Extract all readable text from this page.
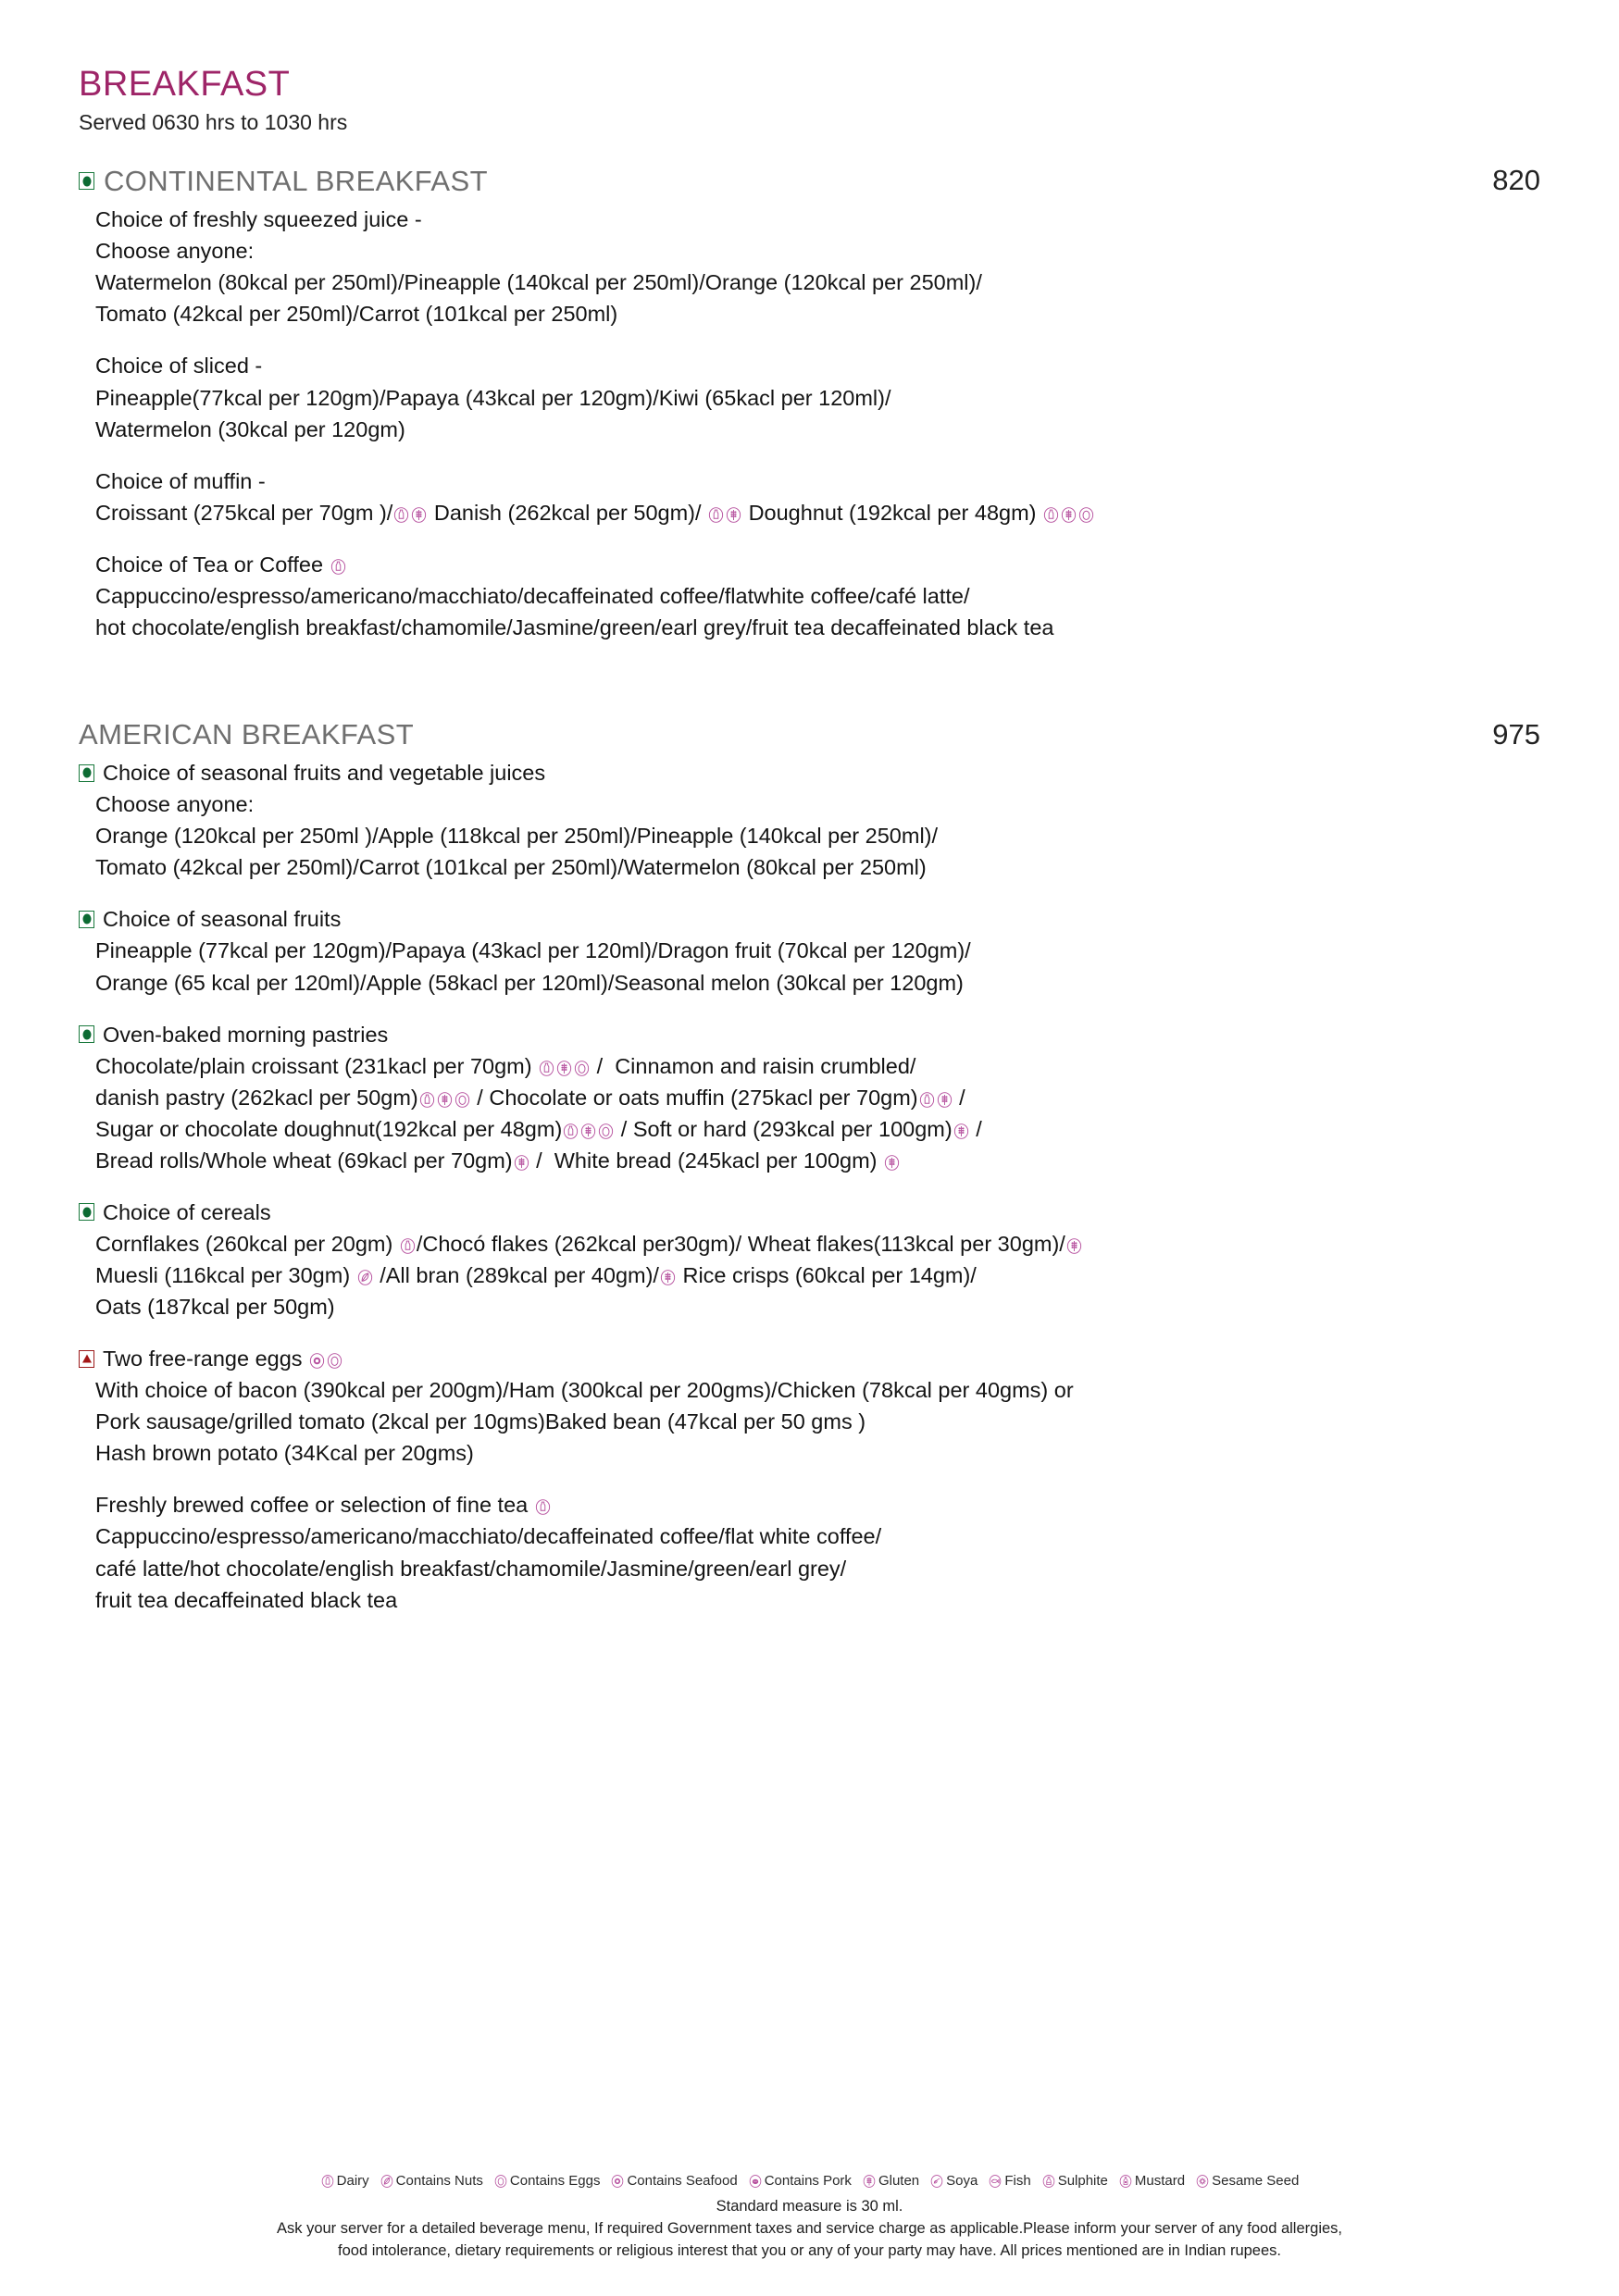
BREAKFAST
Served 0630 hrs to 1030 hrs
CONTINENTAL BREAKFAST	820
Choice of freshly squeezed juice -
Choose anyone:
Watermelon (80kcal per 250ml)/Pineapple (140kcal per 250ml)/Orange (120kcal per 250ml)/
Tomato (42kcal per 250ml)/Carrot (101kcal per 250ml)
Choice of sliced -
Pineapple(77kcal per 120gm)/Papaya (43kcal per 120gm)/Kiwi (65kacl per 120ml)/
Watermelon (30kcal per 120gm)
Choice of muffin -
Croissant (275kcal per 70gm )/
Danish (262kcal per 50gm)/
Doughnut (192kcal per 48gm)
Choice of Tea or Coffee
Cappuccino/espresso/americano/macchiato/decaffeinated coffee/flatwhite coffee/café latte/
hot chocolate/english breakfast/chamomile/Jasmine/green/earl grey/fruit tea decaffeinated black tea
AMERICAN BREAKFAST	975
Choice of seasonal fruits and vegetable juices
Choose anyone:
Orange (120kcal per 250ml )/Apple (118kcal per 250ml)/Pineapple (140kcal per 250ml)/
Tomato (42kcal per 250ml)/Carrot (101kcal per 250ml)/Watermelon (80kcal per 250ml)
Choice of seasonal fruits
Pineapple (77kcal per 120gm)/Papaya (43kacl per 120ml)/Dragon fruit (70kcal per 120gm)/
Orange (65 kcal per 120ml)/Apple (58kacl per 120ml)/Seasonal melon (30kcal per 120gm)
Oven-baked morning pastries
Chocolate/plain croissant (231kacl per 70gm)
/  Cinnamon and raisin crumbled/
danish pastry (262kacl per 50gm)
/ Chocolate or oats muffin (275kacl per 70gm)
/
Sugar or chocolate doughnut(192kcal per 48gm)
/ Soft or hard (293kcal per 100gm)
/
Bread rolls/Whole wheat (69kacl per 70gm)
/  White bread (245kacl per 100gm)
Choice of cereals
Cornflakes (260kcal per 20gm)
/Chocó flakes (262kcal per30gm)/ Wheat flakes(113kcal per 30gm)/
Muesli (116kcal per 30gm)
/All bran (289kcal per 40gm)/
Rice crisps (60kcal per 14gm)/
Oats (187kcal per 50gm)
Two free-range eggs
With choice of bacon (390kcal per 200gm)/Ham (300kcal per 200gms)/Chicken (78kcal per 40gms) or
Pork sausage/grilled tomato (2kcal per 10gms)Baked bean (47kcal per 50 gms )
Hash brown potato (34Kcal per 20gms)
Freshly brewed coffee or selection of fine tea
Cappuccino/espresso/americano/macchiato/decaffeinated coffee/flat white coffee/
café latte/hot chocolate/english breakfast/chamomile/Jasmine/green/earl grey/
fruit tea decaffeinated black tea
Dairy Contains Nuts Contains Eggs Contains Seafood Contains Pork Gluten Soya Fish Sulphite Mustard Sesame Seed
Standard measure is 30 ml.
Ask your server for a detailed beverage menu, If required Government taxes and service charge as applicable.Please inform your server of any food allergies,
food intolerance, dietary requirements or religious interest that you or any of your party may have. All prices mentioned are in Indian rupees.
